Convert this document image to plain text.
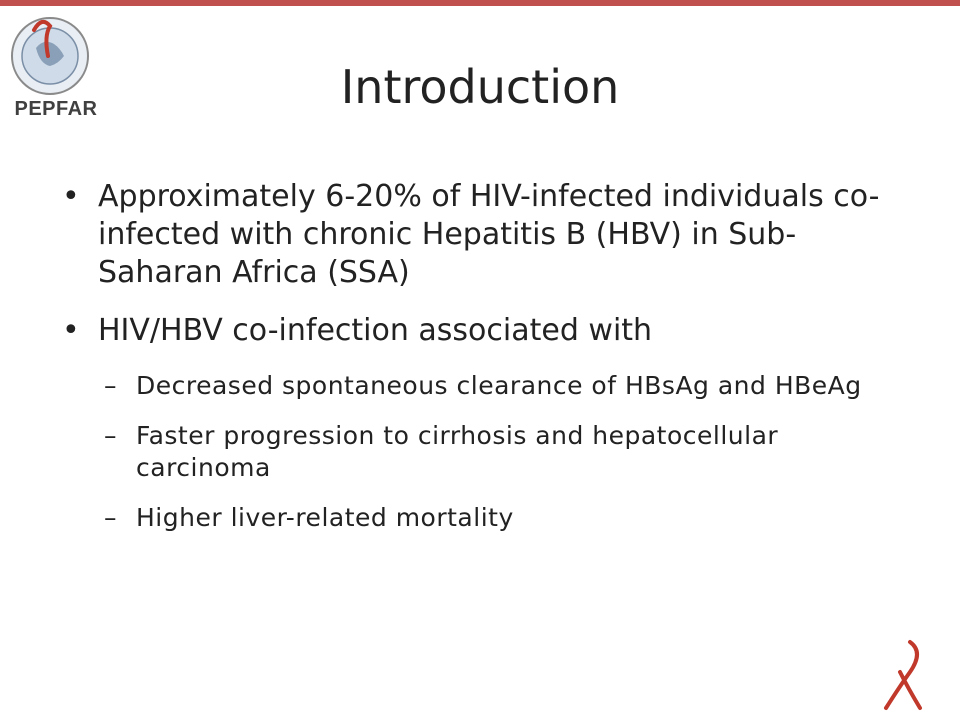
PEPFAR	Introduction
• Approximately 6-20% of HIV-infected individuals co-infected with chronic Hepatitis B (HBV) in Sub-Saharan Africa (SSA)
• HIV/HBV co-infection associated with
– Decreased spontaneous clearance of HBsAg and HBeAg
– Faster progression to cirrhosis and hepatocellular carcinoma
– Higher liver-related mortality
